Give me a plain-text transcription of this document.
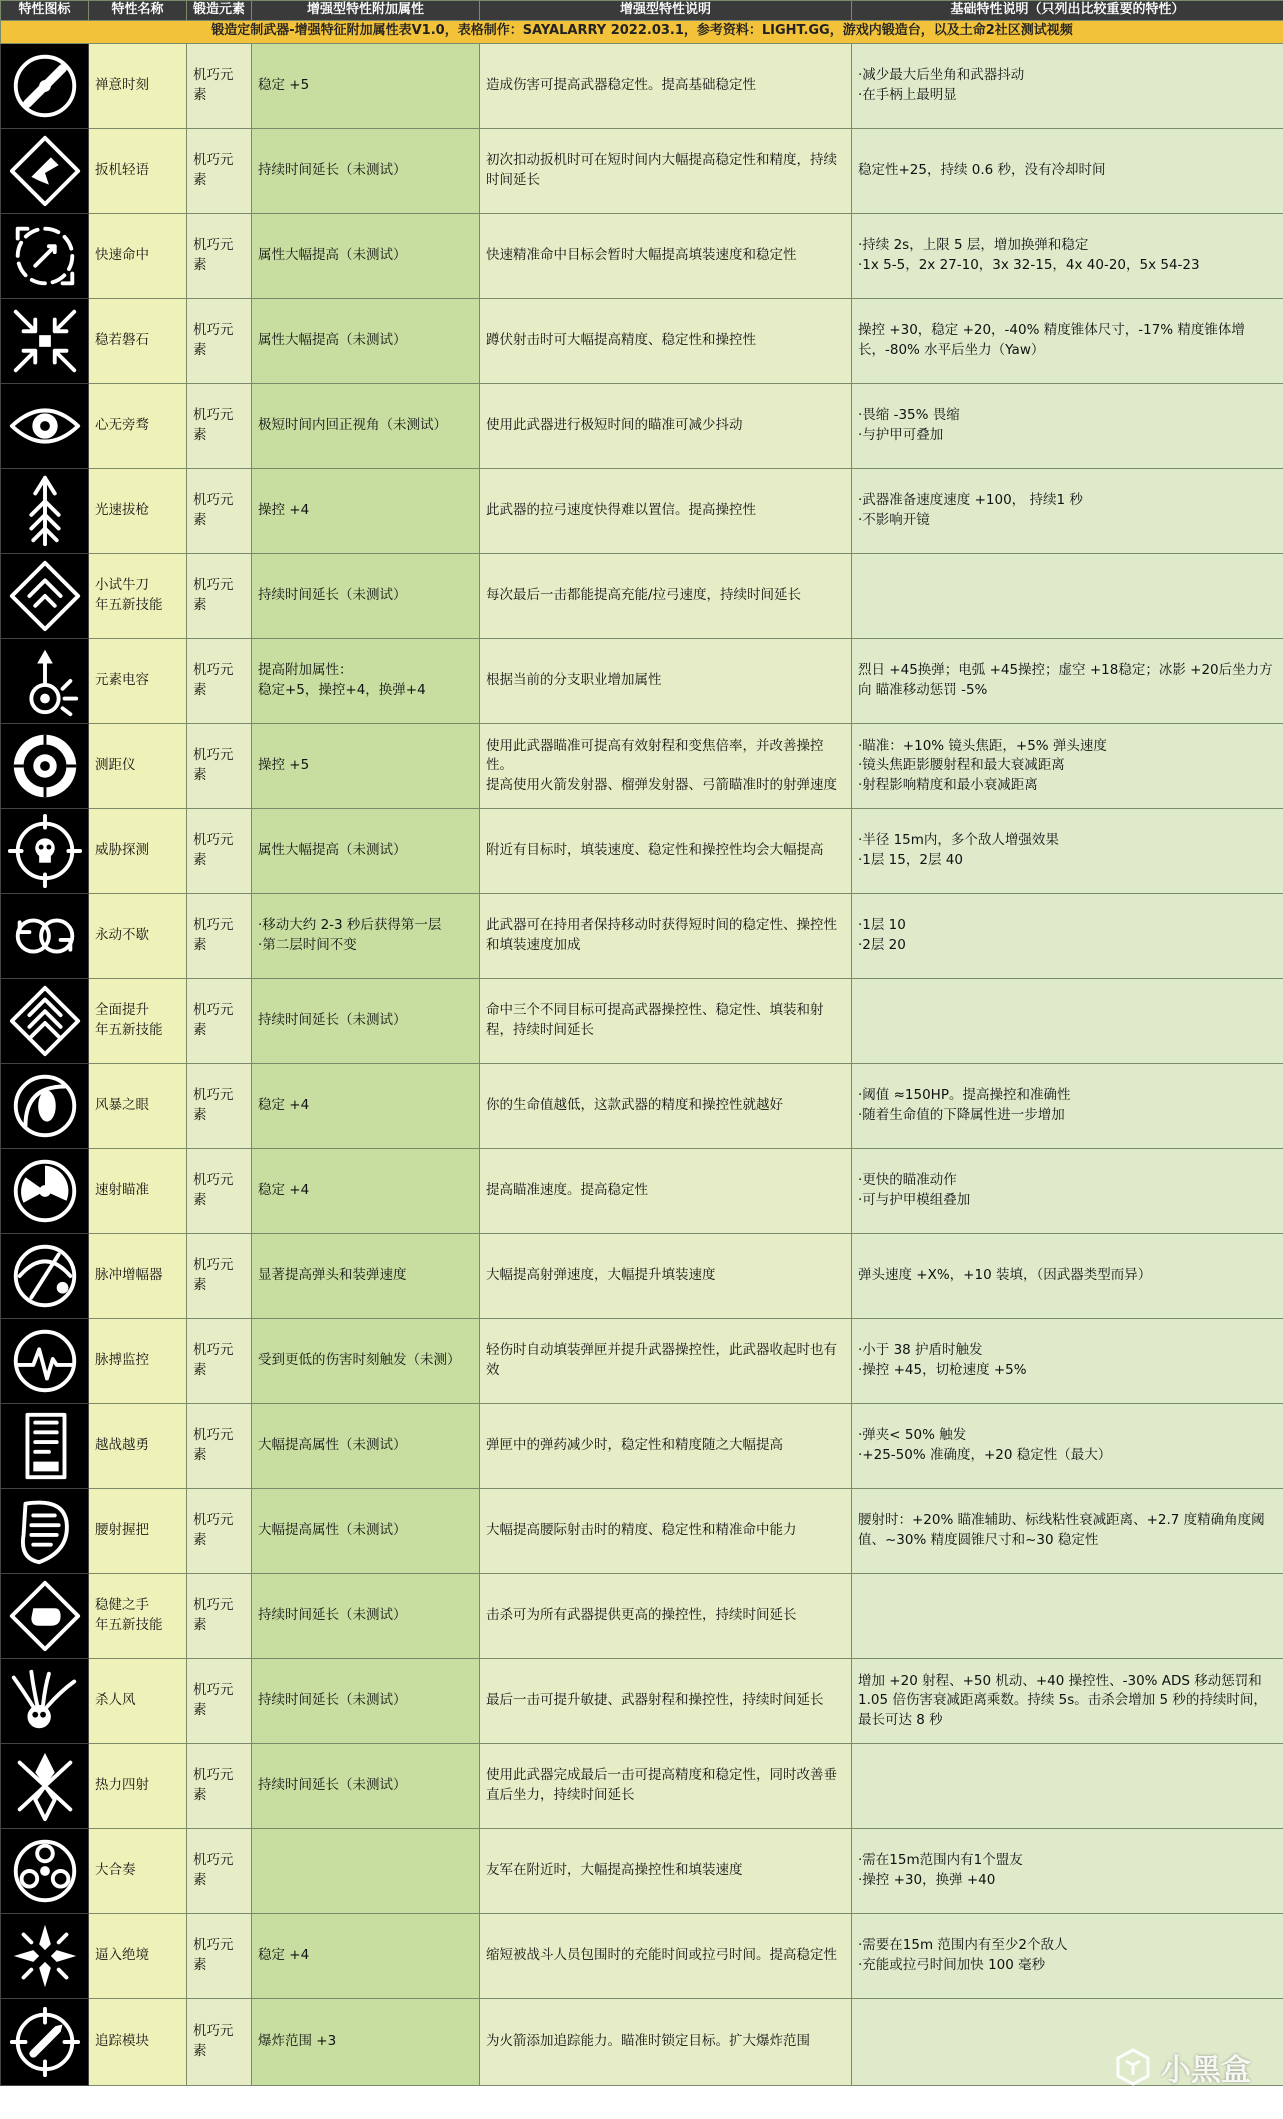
特性图标	特性名称	锻造元素	增强型特性附加属性	增强型特性说明	基础特性说明（只列出比较重要的特性）
锻造定制武器-增强特征附加属性表V1.0，表格制作：SAYALARRY 2022.03.1，参考资料：LIGHT.GG，游戏内锻造台，以及土命2社区测试视频					

	禅意时刻	机巧元素	稳定 +5	造成伤害可提高武器稳定性。提高基础稳定性	·减少最大后坐角和武器抖动
·在手柄上最明显

	扳机轻语	机巧元素	持续时间延长（未测试）	初次扣动扳机时可在短时间内大幅提高稳定性和精度，持续时间延长	稳定性+25，持续 0.6 秒，没有冷却时间

	快速命中	机巧元素	属性大幅提高（未测试）	快速精准命中目标会暂时大幅提高填装速度和稳定性	·持续 2s，上限 5 层，增加换弹和稳定
·1x 5-5，2x 27-10，3x 32-15，4x 40-20，5x 54-23

	稳若磐石	机巧元素	属性大幅提高（未测试）	蹲伏射击时可大幅提高精度、稳定性和操控性	操控 +30，稳定 +20，-40% 精度锥体尺寸，-17% 精度锥体增长，-80% 水平后坐力（Yaw）

	心无旁骛	机巧元素	极短时间内回正视角（未测试）	使用此武器进行极短时间的瞄准可减少抖动	·畏缩 -35% 畏缩
·与护甲可叠加

	光速拔枪	机巧元素	操控 +4	此武器的拉弓速度快得难以置信。提高操控性	·武器准备速度速度 +100， 持续1 秒
·不影响开镜

	小试牛刀
年五新技能	机巧元素	持续时间延长（未测试）	每次最后一击都能提高充能/拉弓速度，持续时间延长	

	元素电容	机巧元素	提高附加属性：
稳定+5，操控+4，换弹+4	根据当前的分支职业增加属性	烈日 +45换弹；电弧 +45操控；虚空 +18稳定；冰影 +20后坐力方向 瞄准移动惩罚 -5%

	测距仪	机巧元素	操控 +5	使用此武器瞄准可提高有效射程和变焦倍率，并改善操控性。
提高使用火箭发射器、榴弹发射器、弓箭瞄准时的射弹速度	·瞄准：+10% 镜头焦距，+5% 弹头速度
·镜头焦距影腰射程和最大衰减距离
·射程影响精度和最小衰减距离

	威胁探测	机巧元素	属性大幅提高（未测试）	附近有目标时，填装速度、稳定性和操控性均会大幅提高	·半径 15m内，多个敌人增强效果
·1层 15，2层 40

	永动不歇	机巧元素	·移动大约 2-3 秒后获得第一层
·第二层时间不变	此武器可在持用者保持移动时获得短时间的稳定性、操控性和填装速度加成	·1层 10
·2层 20

	全面提升
年五新技能	机巧元素	持续时间延长（未测试）	命中三个不同目标可提高武器操控性、稳定性、填装和射程，持续时间延长	

	风暴之眼	机巧元素	稳定 +4	你的生命值越低，这款武器的精度和操控性就越好	·阈值 ≈150HP。提高操控和准确性
·随着生命值的下降属性进一步增加

	速射瞄准	机巧元素	稳定 +4	提高瞄准速度。提高稳定性	·更快的瞄准动作
·可与护甲模组叠加

	脉冲增幅器	机巧元素	显著提高弹头和装弹速度	大幅提高射弹速度，大幅提升填装速度	弹头速度 +X%，+10 装填，（因武器类型而异）

	脉搏监控	机巧元素	受到更低的伤害时刻触发（未测）	轻伤时自动填装弹匣并提升武器操控性，此武器收起时也有效	·小于 38 护盾时触发
·操控 +45，切枪速度 +5%

	越战越勇	机巧元素	大幅提高属性（未测试）	弹匣中的弹药减少时，稳定性和精度随之大幅提高	·弹夹< 50% 触发
·+25-50% 准确度，+20 稳定性（最大）

	腰射握把	机巧元素	大幅提高属性（未测试）	大幅提高腰际射击时的精度、稳定性和精准命中能力	腰射时：+20% 瞄准辅助、标线粘性衰减距离、+2.7 度精确角度阈值、~30% 精度圆锥尺寸和~30 稳定性

	稳健之手
年五新技能	机巧元素	持续时间延长（未测试）	击杀可为所有武器提供更高的操控性，持续时间延长	

	杀人风	机巧元素	持续时间延长（未测试）	最后一击可提升敏捷、武器射程和操控性，持续时间延长	增加 +20 射程、+50 机动、+40 操控性、-30% ADS 移动惩罚和 1.05 倍伤害衰减距离乘数。持续 5s。击杀会增加 5 秒的持续时间，最长可达 8 秒

	热力四射	机巧元素	持续时间延长（未测试）	使用此武器完成最后一击可提高精度和稳定性，同时改善垂直后坐力，持续时间延长	

	大合奏	机巧元素		友军在附近时，大幅提高操控性和填装速度	·需在15m范围内有1个盟友
·操控 +30，换弹 +40

	逼入绝境	机巧元素	稳定 +4	缩短被战斗人员包围时的充能时间或拉弓时间。提高稳定性	·需要在15m 范围内有至少2个敌人
·充能或拉弓时间加快 100 毫秒

	追踪模块	机巧元素	爆炸范围 +3	为火箭添加追踪能力。瞄准时锁定目标。扩大爆炸范围	
小黑盒
